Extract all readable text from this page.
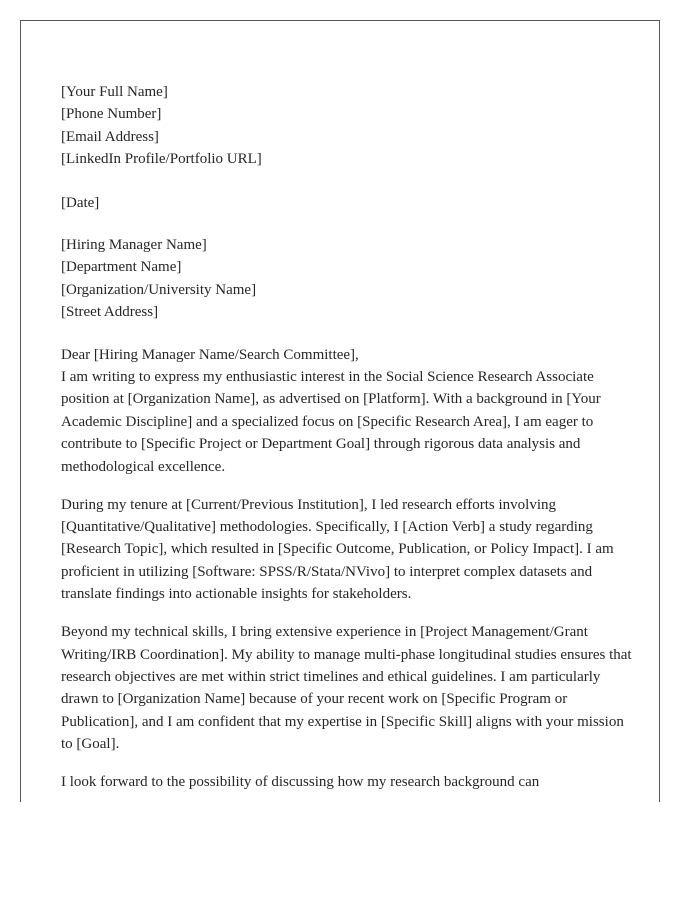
[Your Full Name]
[Phone Number]
[Email Address]
[LinkedIn Profile/Portfolio URL]
[Date]
[Hiring Manager Name]
[Department Name]
[Organization/University Name]
[Street Address]
Dear [Hiring Manager Name/Search Committee],

I am writing to express my enthusiastic interest in the Social Science Research Associate position at [Organization Name], as advertised on [Platform]. With a background in [Your Academic Discipline] and a specialized focus on [Specific Research Area], I am eager to contribute to [Specific Project or Department Goal] through rigorous data analysis and methodological excellence.

During my tenure at [Current/Previous Institution], I led research efforts involving [Quantitative/Qualitative] methodologies. Specifically, I [Action Verb] a study regarding [Research Topic], which resulted in [Specific Outcome, Publication, or Policy Impact]. I am proficient in utilizing [Software: SPSS/R/Stata/NVivo] to interpret complex datasets and translate findings into actionable insights for stakeholders.

Beyond my technical skills, I bring extensive experience in [Project Management/Grant Writing/IRB Coordination]. My ability to manage multi-phase longitudinal studies ensures that research objectives are met within strict timelines and ethical guidelines. I am particularly drawn to [Organization Name] because of your recent work on [Specific Program or Publication], and I am confident that my expertise in [Specific Skill] aligns with your mission to [Goal].

I look forward to the possibility of discussing how my research background can
